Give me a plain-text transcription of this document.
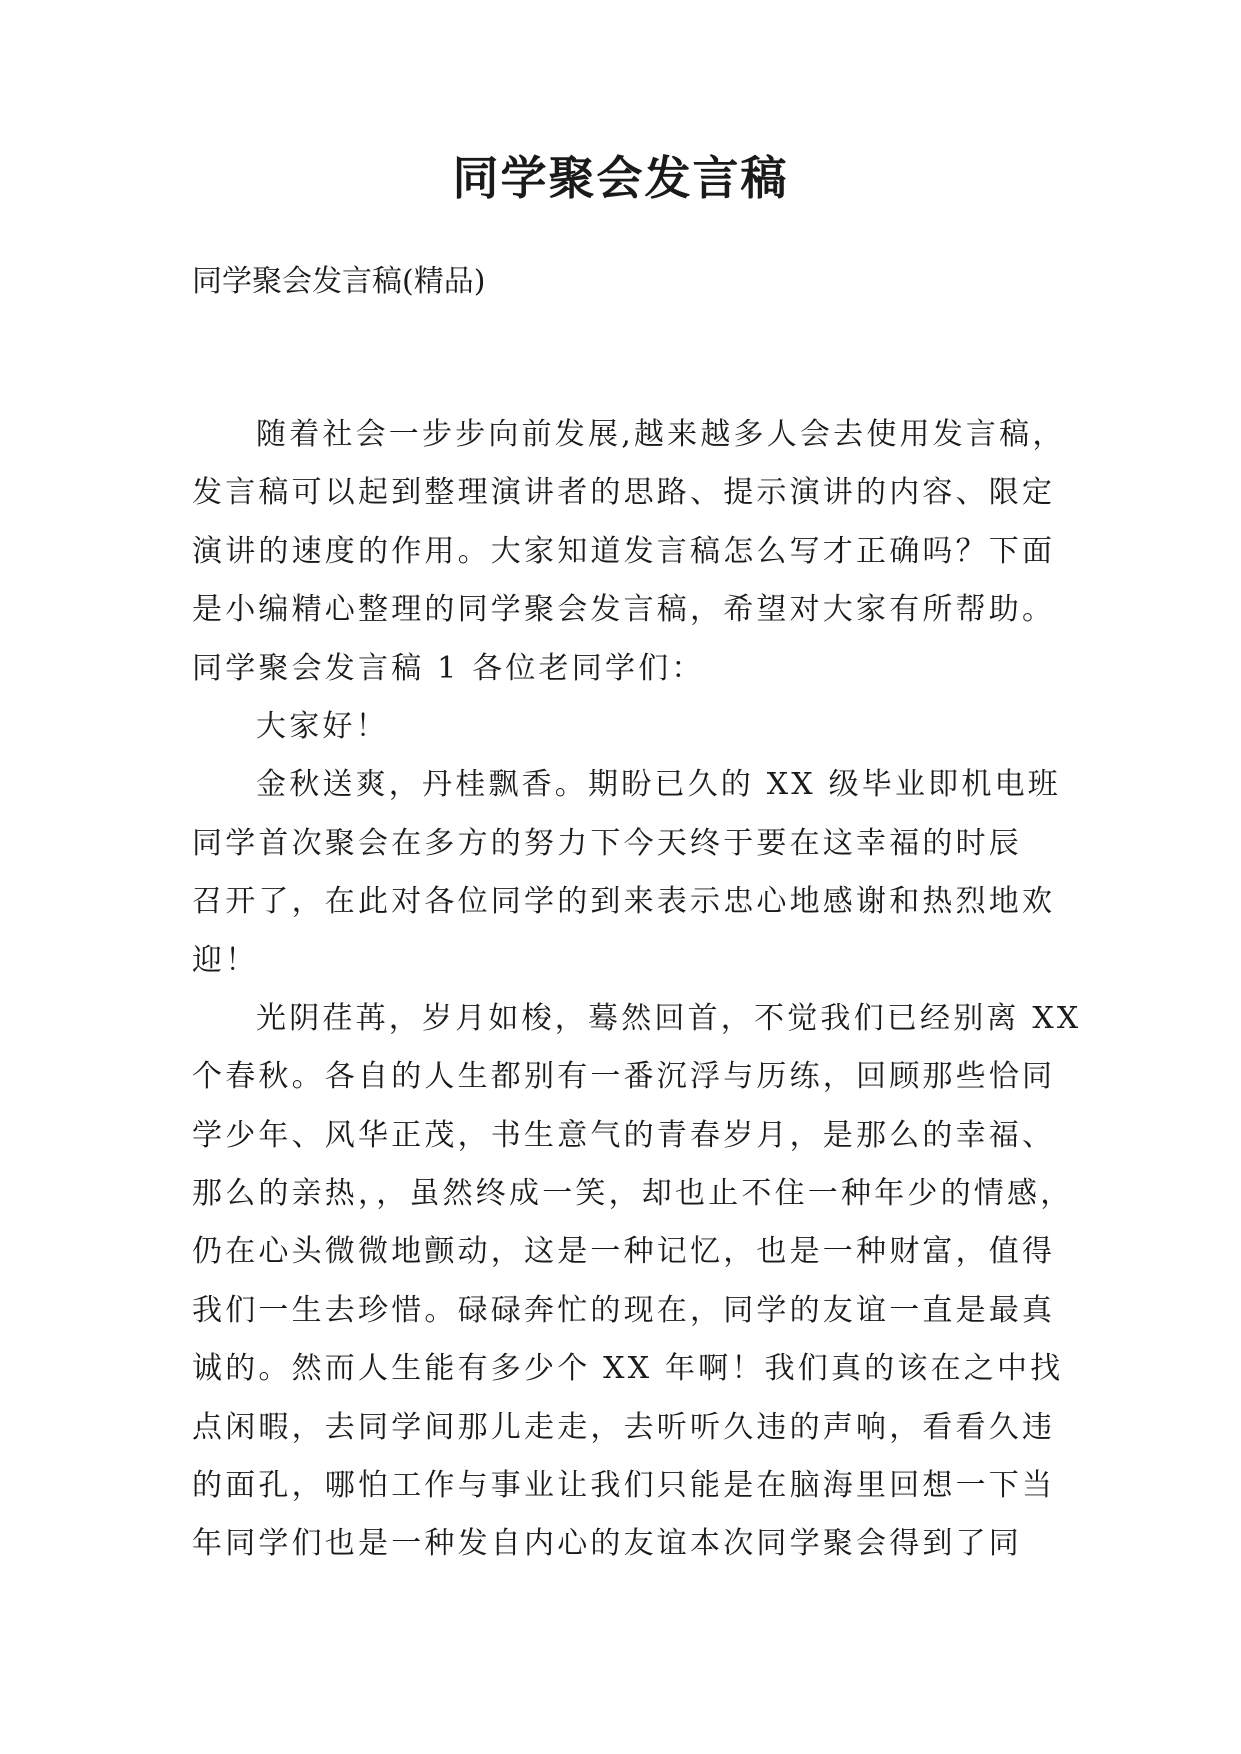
同学聚会发言稿
同学聚会发言稿(精品)

随着社会一步步向前发展,越来越多人会去使用发言稿，

发言稿可以起到整理演讲者的思路、提示演讲的内容、限定

演讲的速度的作用。大家知道发言稿怎么写才正确吗？下面

是小编精心整理的同学聚会发言稿，希望对大家有所帮助。

同学聚会发言稿 1 各位老同学们：

大家好！

金秋送爽，丹桂飘香。期盼已久的 XX 级毕业即机电班

同学首次聚会在多方的努力下今天终于要在这幸福的时辰

召开了，在此对各位同学的到来表示忠心地感谢和热烈地欢

迎！

光阴荏苒，岁月如梭，蓦然回首，不觉我们已经别离 XX

个春秋。各自的人生都别有一番沉浮与历练，回顾那些恰同

学少年、风华正茂，书生意气的青春岁月，是那么的幸福、

那么的亲热，，虽然终成一笑，却也止不住一种年少的情感，

仍在心头微微地颤动，这是一种记忆，也是一种财富，值得

我们一生去珍惜。碌碌奔忙的现在，同学的友谊一直是最真

诚的。然而人生能有多少个 XX 年啊！我们真的该在之中找

点闲暇，去同学间那儿走走，去听听久违的声响，看看久违

的面孔，哪怕工作与事业让我们只能是在脑海里回想一下当

年同学们也是一种发自内心的友谊本次同学聚会得到了同
